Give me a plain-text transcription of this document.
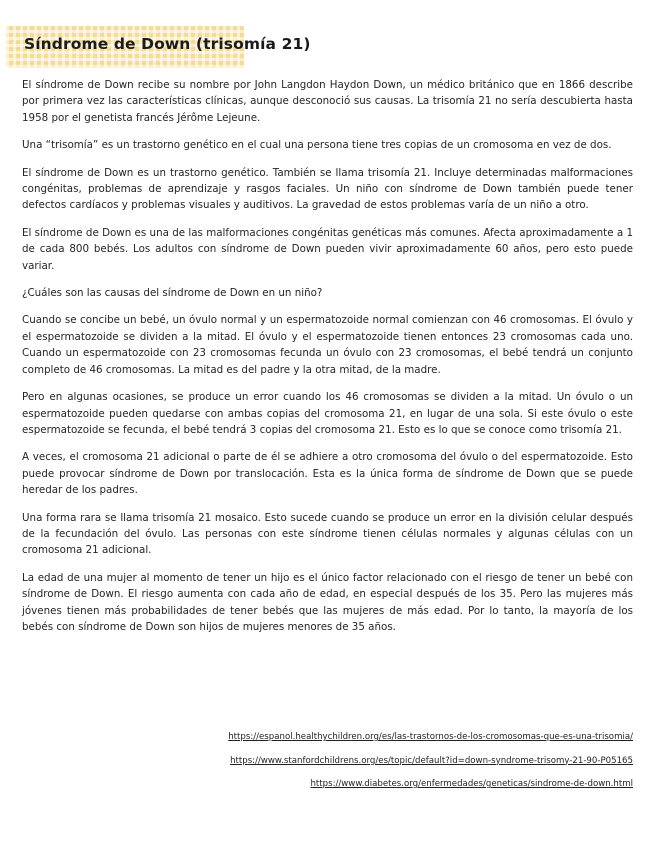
Síndrome de Down (trisomía 21)

El síndrome de Down recibe su nombre por John Langdon Haydon Down, un médico británico que en 1866 describe por primera vez las características clínicas, aunque desconoció sus causas. La trisomía 21 no sería descubierta hasta 1958 por el genetista francés Jérôme Lejeune.

Una “trisomía” es un trastorno genético en el cual una persona tiene tres copias de un cromosoma en vez de dos.

El síndrome de Down es un trastorno genético. También se llama trisomía 21. Incluye determinadas malformaciones congénitas, problemas de aprendizaje y rasgos faciales. Un niño con síndrome de Down también puede tener defectos cardíacos y problemas visuales y auditivos. La gravedad de estos problemas varía de un niño a otro.

El síndrome de Down es una de las malformaciones congénitas genéticas más comunes. Afecta aproximadamente a 1 de cada 800 bebés. Los adultos con síndrome de Down pueden vivir aproximadamente 60 años, pero esto puede variar.

¿Cuáles son las causas del síndrome de Down en un niño?

Cuando se concibe un bebé, un óvulo normal y un espermatozoide normal comienzan con 46 cromosomas. El óvulo y el espermatozoide se dividen a la mitad. El óvulo y el espermatozoide tienen entonces 23 cromosomas cada uno. Cuando un espermatozoide con 23 cromosomas fecunda un óvulo con 23 cromosomas, el bebé tendrá un conjunto completo de 46 cromosomas. La mitad es del padre y la otra mitad, de la madre.

Pero en algunas ocasiones, se produce un error cuando los 46 cromosomas se dividen a la mitad. Un óvulo o un espermatozoide pueden quedarse con ambas copias del cromosoma 21, en lugar de una sola. Si este óvulo o este espermatozoide se fecunda, el bebé tendrá 3 copias del cromosoma 21. Esto es lo que se conoce como trisomía 21.

A veces, el cromosoma 21 adicional o parte de él se adhiere a otro cromosoma del óvulo o del espermatozoide. Esto puede provocar síndrome de Down por translocación. Esta es la única forma de síndrome de Down que se puede heredar de los padres.

Una forma rara se llama trisomía 21 mosaico. Esto sucede cuando se produce un error en la división celular después de la fecundación del óvulo. Las personas con este síndrome tienen células normales y algunas células con un cromosoma 21 adicional.

La edad de una mujer al momento de tener un hijo es el único factor relacionado con el riesgo de tener un bebé con síndrome de Down. El riesgo aumenta con cada año de edad, en especial después de los 35. Pero las mujeres más jóvenes tienen más probabilidades de tener bebés que las mujeres de más edad. Por lo tanto, la mayoría de los bebés con síndrome de Down son hijos de mujeres menores de 35 años.

https://espanol.healthychildren.org/es/las-trastornos-de-los-cromosomas-que-es-una-trisomia/
https://www.stanfordchildrens.org/es/topic/default?id=down-syndrome-trisomy-21-90-P05165
https://www.diabetes.org/enfermedades/geneticas/sindrome-de-down.html
